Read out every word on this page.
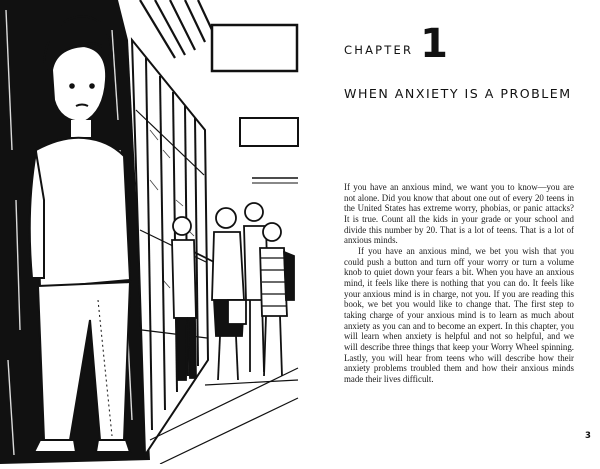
CHAPTER 1
WHEN ANXIETY IS A PROBLEM

If you have an anxious mind, we want you to know—you are not alone. Did you know that about one out of every 20 teens in the United States has extreme worry, phobias, or panic attacks? It is true. Count all the kids in your grade or your school and divide this number by 20. That is a lot of teens. That is a lot of anxious minds.

If you have an anxious mind, we bet you wish that you could push a button and turn off your worry or turn a volume knob to quiet down your fears a bit. When you have an anxious mind, it feels like there is nothing that you can do. It feels like your anxious mind is in charge, not you. If you are reading this book, we bet you would like to change that. The first step to taking charge of your anxious mind is to learn as much about anxiety as you can and to become an expert. In this chapter, you will learn when anxiety is helpful and not so helpful, and we will describe three things that keep your Worry Wheel spinning. Lastly, you will hear from teens who will describe how their anxiety problems troubled them and how their anxious minds made their lives difficult.

3
